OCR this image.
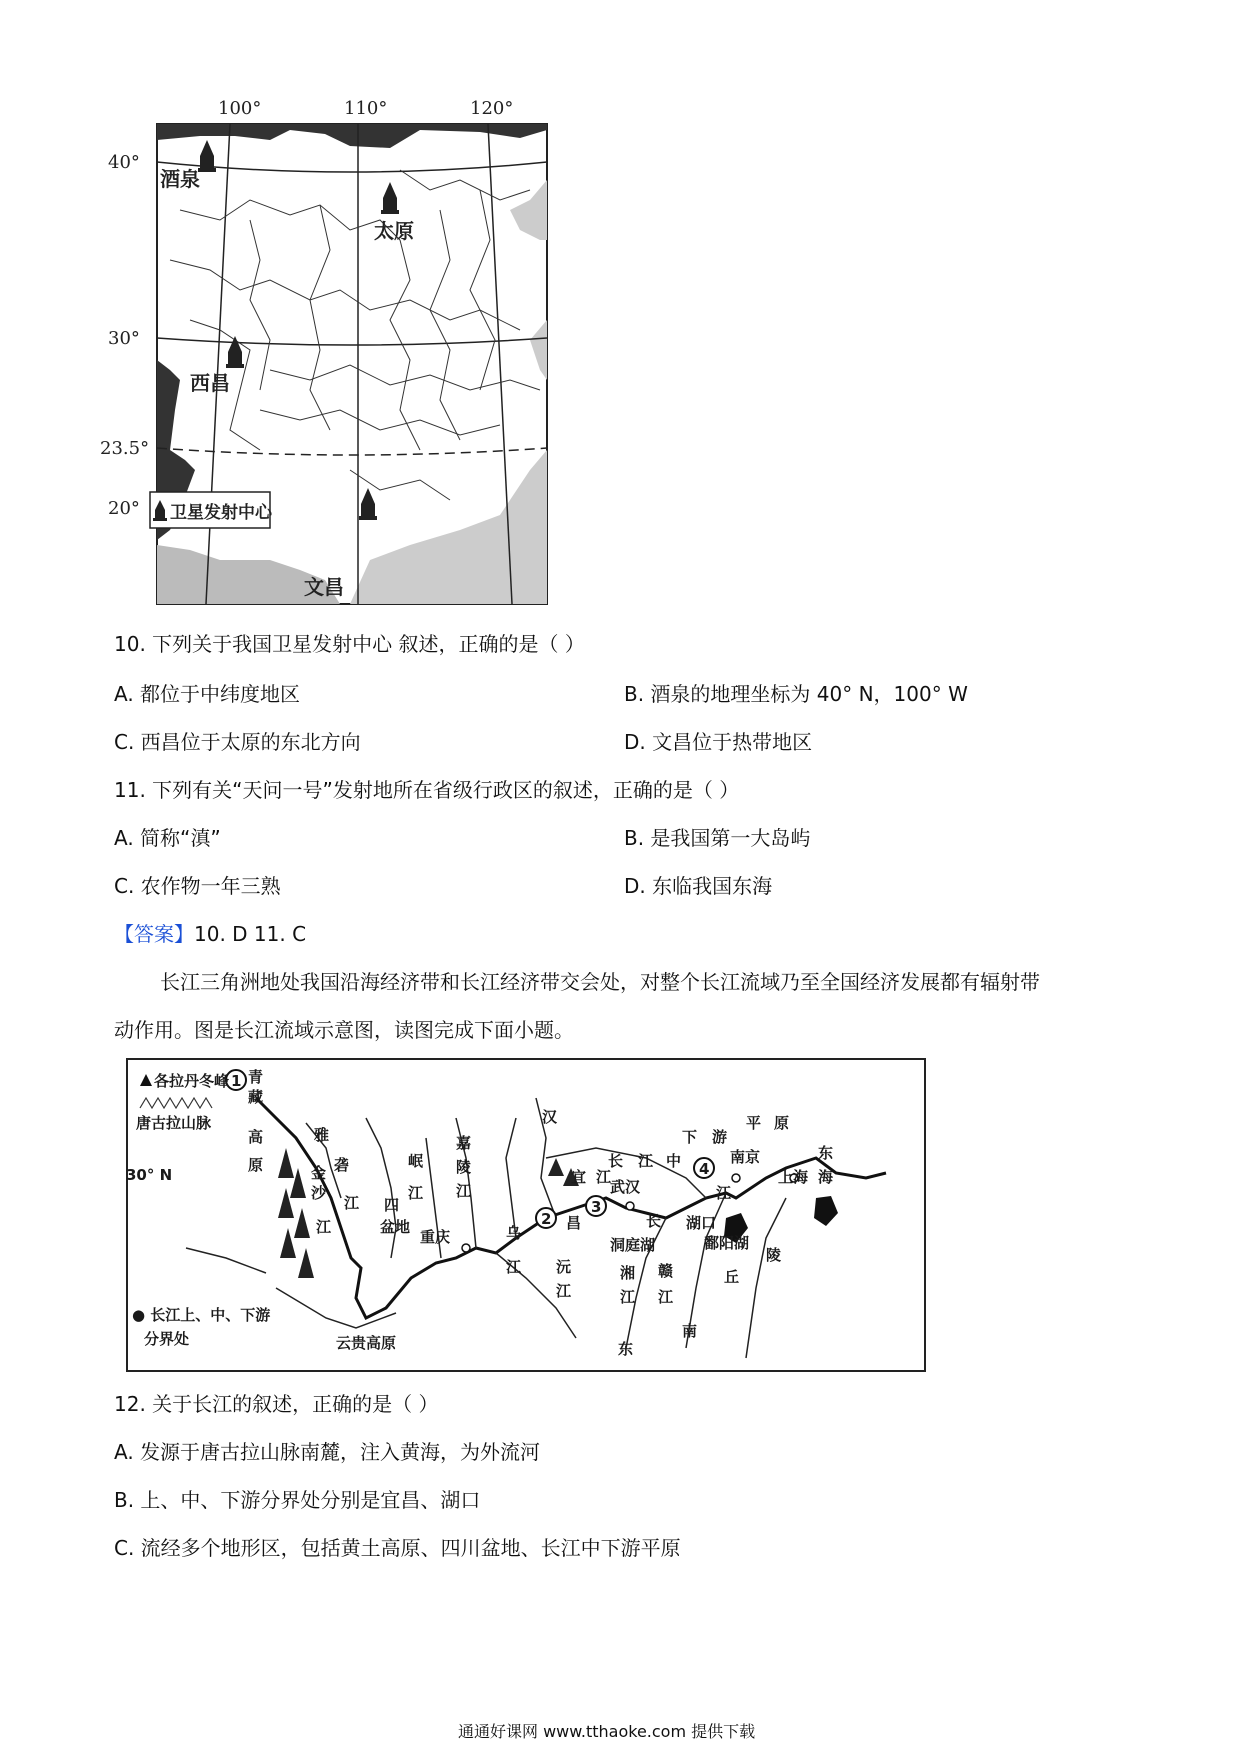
100°	110°	120°
40°
30°
23.5°
20°
酒泉
太原
西昌
文昌
卫星发射中心
10. 下列关于我国卫星发射中心 叙述，正确的是（ ）
A. 都位于中纬度地区	B. 酒泉的地理坐标为 40° N，100° W
C. 西昌位于太原的东北方向	D. 文昌位于热带地区
11. 下列有关“天问一号”发射地所在省级行政区的叙述，正确的是（ ）
A. 简称“滇”	B. 是我国第一大岛屿
C. 农作物一年三熟	D. 东临我国东海
【答案】10. D 11. C
长江三角洲地处我国沿海经济带和长江经济带交会处，对整个长江流域乃至全国经济发展都有辐射带
动作用。图是长江流域示意图，读图完成下面小题。
1
2
3
4
各拉丹冬峰
唐古拉山脉
青
藏
高
原
30° N
雅
砻
江
金
沙
江
岷
江
四
盆地
重庆
嘉
陵
江
乌
江
汉
江
宜
昌
武汉
长 江 中
下 游
平 原
南京
上海
东
海
长
江
洞庭湖
湖口
鄱阳湖
沅
江
湘
江
赣
江
陵
丘
南
东
云贵高原
● 长江上、中、下游
分界处
12. 关于长江的叙述，正确的是（ ）
A. 发源于唐古拉山脉南麓，注入黄海，为外流河
B. 上、中、下游分界处分别是宜昌、湖口
C. 流经多个地形区，包括黄土高原、四川盆地、长江中下游平原
通通好课网 www.tthaoke.com 提供下载
